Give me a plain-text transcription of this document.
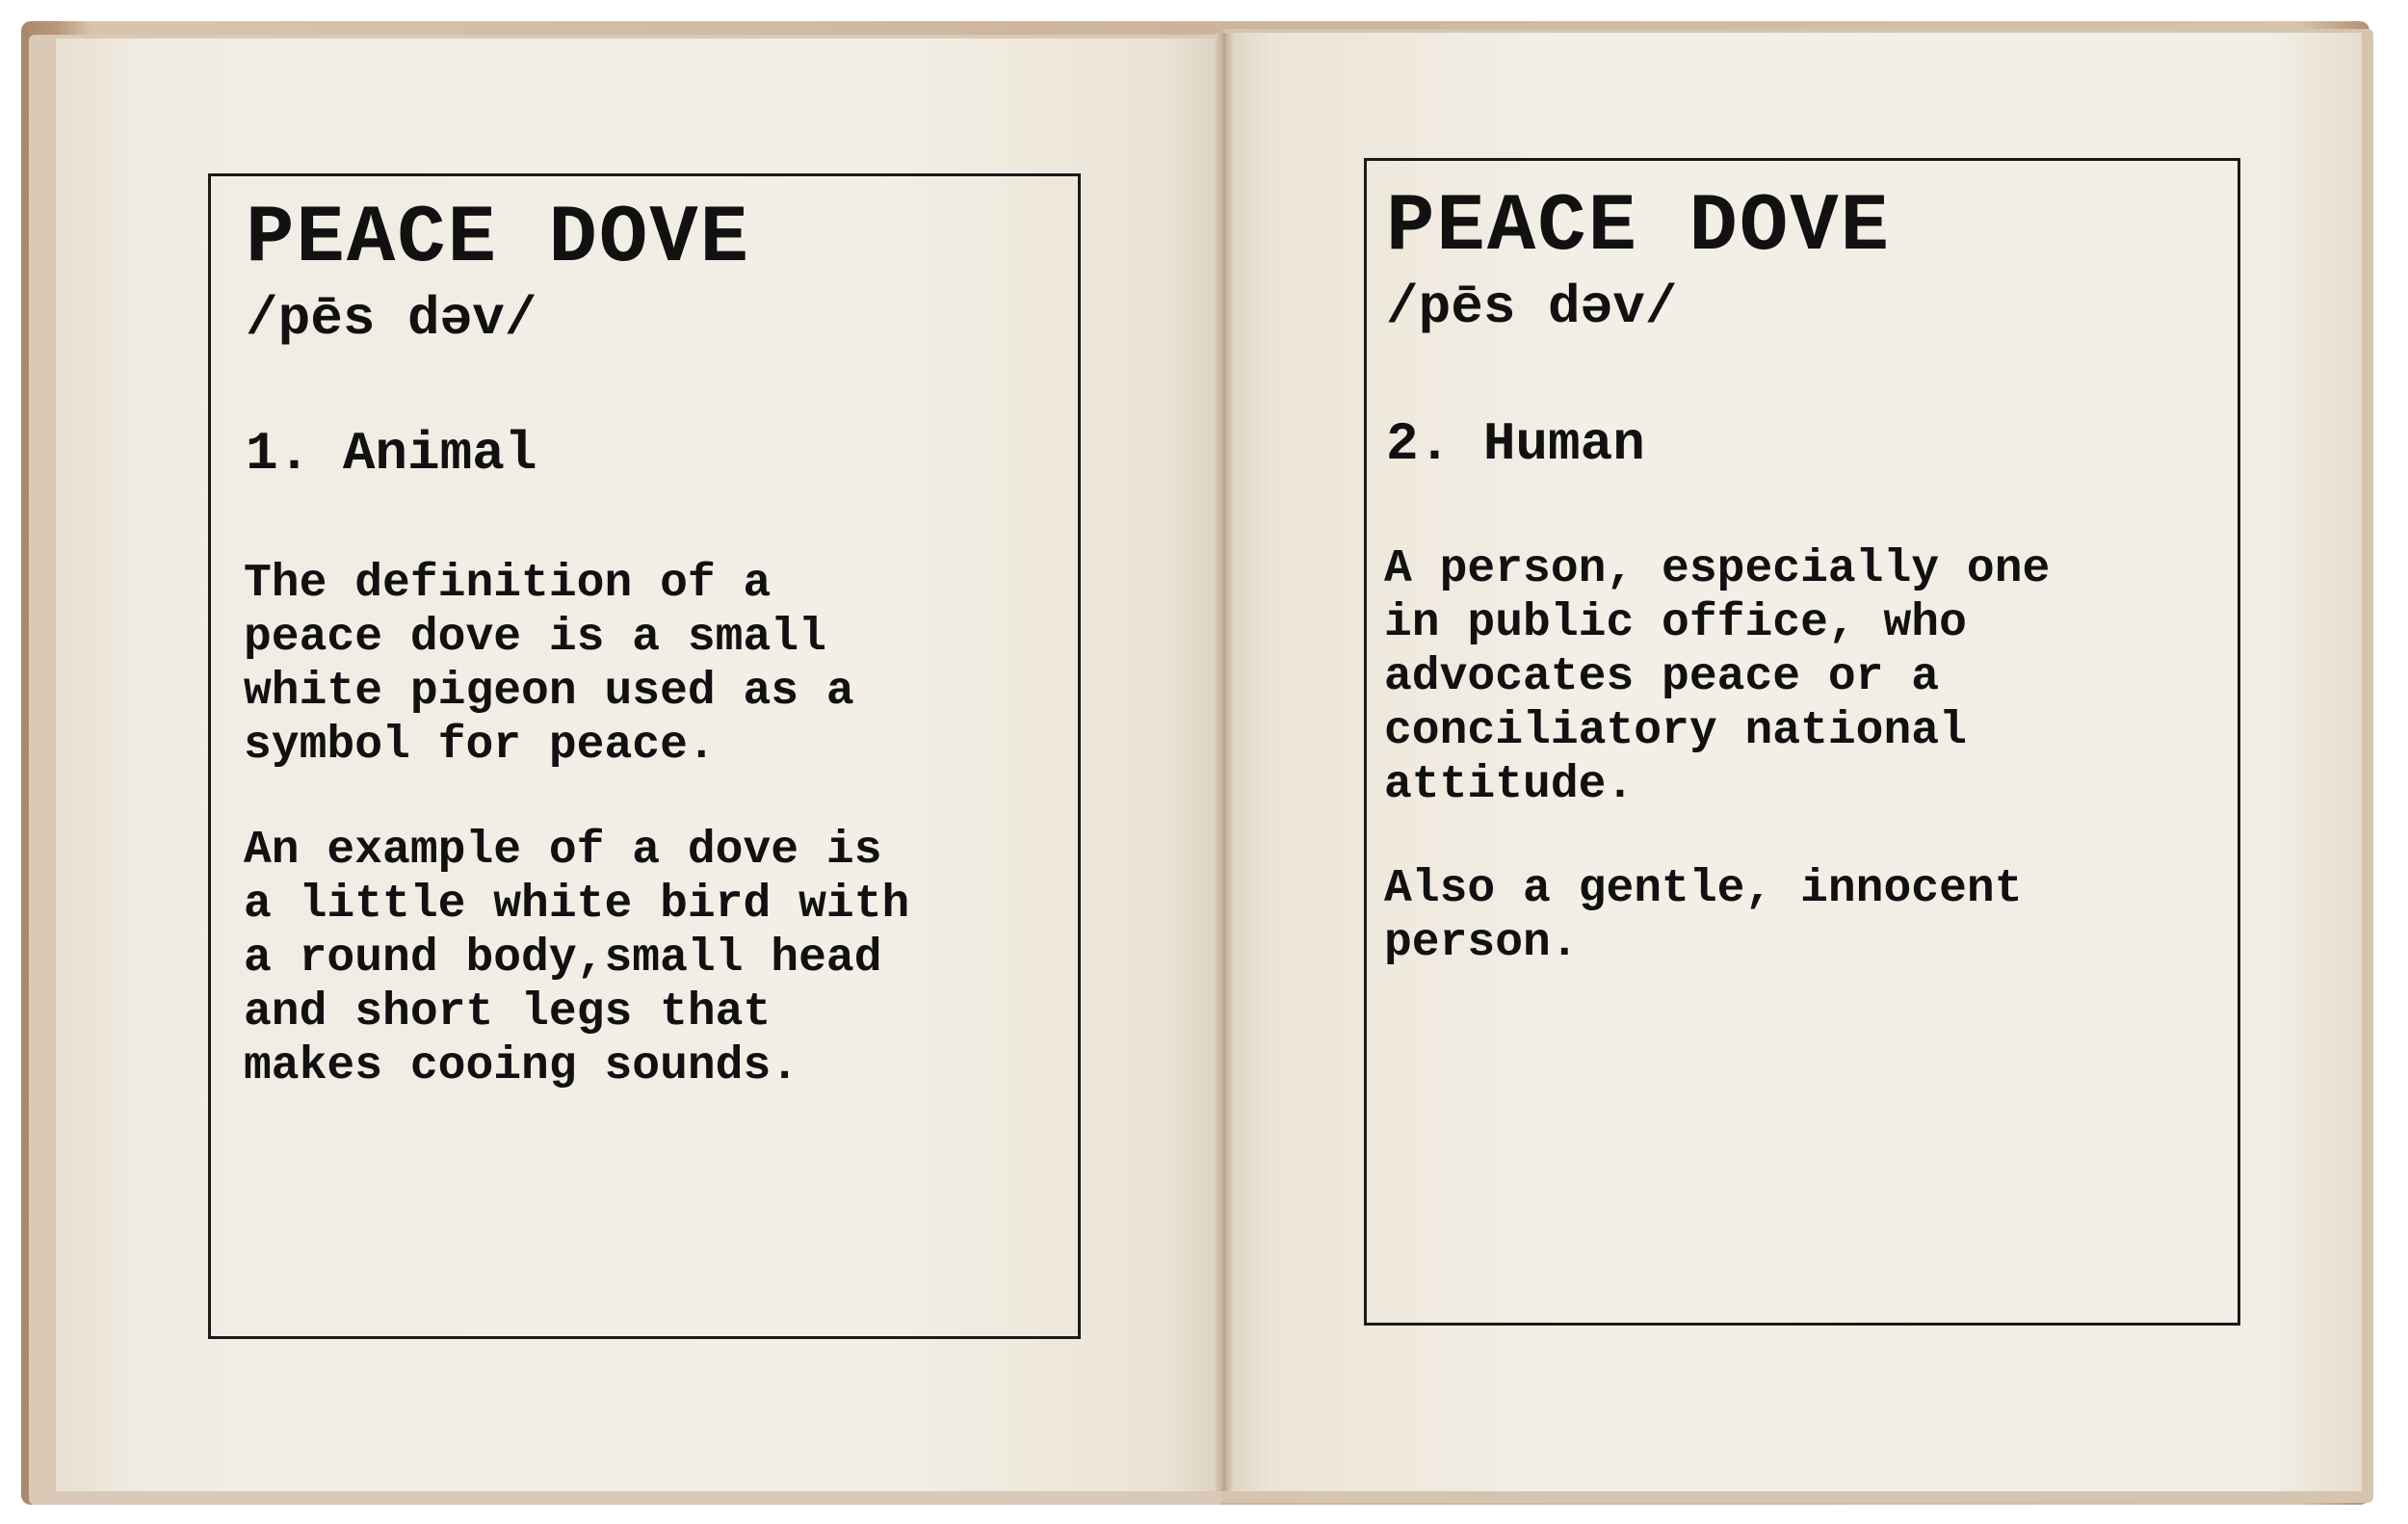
PEACE DOVE
/pēs dəv/
1. Animal

The definition of a
peace dove is a small
white pigeon used as a
symbol for peace.

An example of a dove is
a little white bird with
a round body,small head
and short legs that
makes cooing sounds.

PEACE DOVE
/pēs dəv/
2. Human

A person, especially one
in public office, who
advocates peace or a
conciliatory national
attitude.

Also a gentle, innocent
person.
